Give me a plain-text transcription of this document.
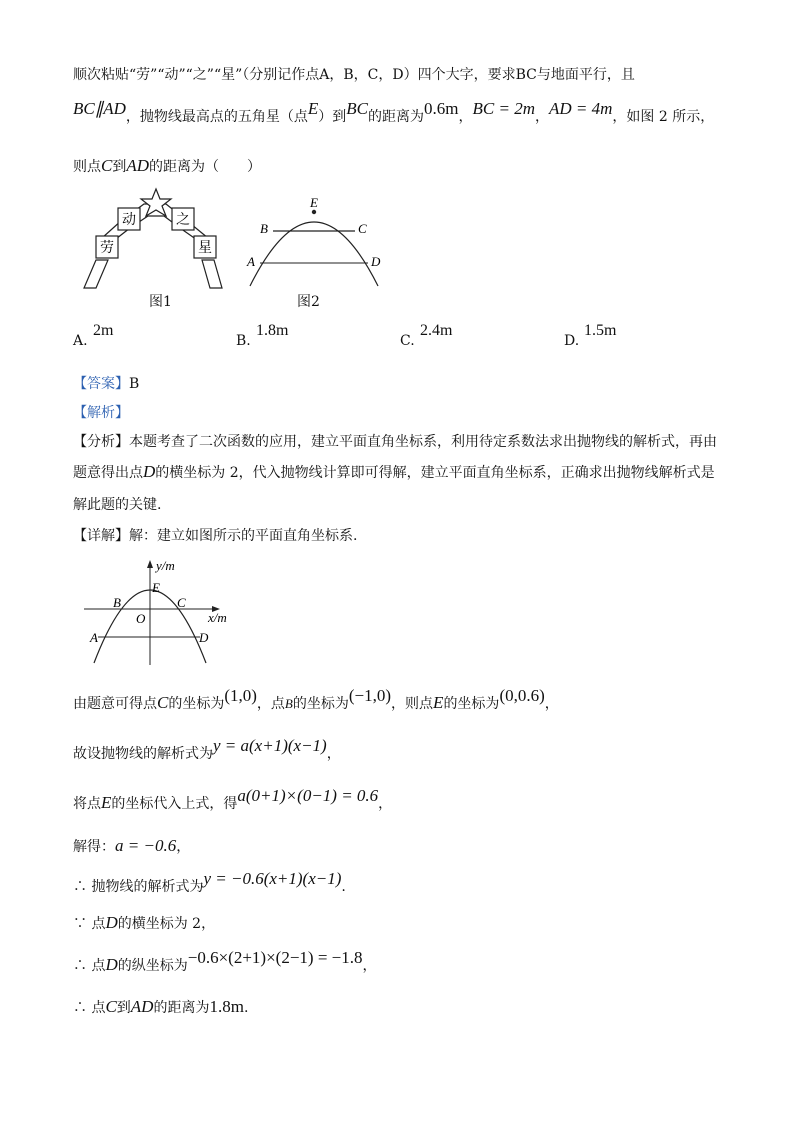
顺次粘贴“劳”“动”“之”“星”（分别记作点A，B，C，D）四个大字，要求BC与地面平行，且
BC∥AD，抛物线最高点的五角星（点E）到BC的距离为0.6m，BC = 2m，AD = 4m，如图 2 所示，
则点C到AD的距离为（　　）
劳
动	之
星
图1
E
B	C
A	D
图2
A.
2m
B.
1.8m
C.
2.4m
D.
1.5m
【答案】B
【解析】
【分析】本题考查了二次函数的应用，建立平面直角坐标系，利用待定系数法求出抛物线的解析式，再由
题意得出点D的横坐标为 2，代入抛物线计算即可得解，建立平面直角坐标系，正确求出抛物线解析式是
解此题的关键.
【详解】解：建立如图所示的平面直角坐标系.
y/m
x/m
E
B	C
O
A	D
由题意可得点C的坐标为(1,0)，点B的坐标为(−1,0)，则点E的坐标为(0,0.6)，
故设抛物线的解析式为y = a(x+1)(x−1)，
将点E的坐标代入上式，得a(0+1)×(0−1) = 0.6，
解得：a = −0.6，
∴ 抛物线的解析式为y = −0.6(x+1)(x−1).
∵ 点D的横坐标为 2，
∴ 点D的纵坐标为−0.6×(2+1)×(2−1) = −1.8，
∴ 点C到AD的距离为1.8m.
